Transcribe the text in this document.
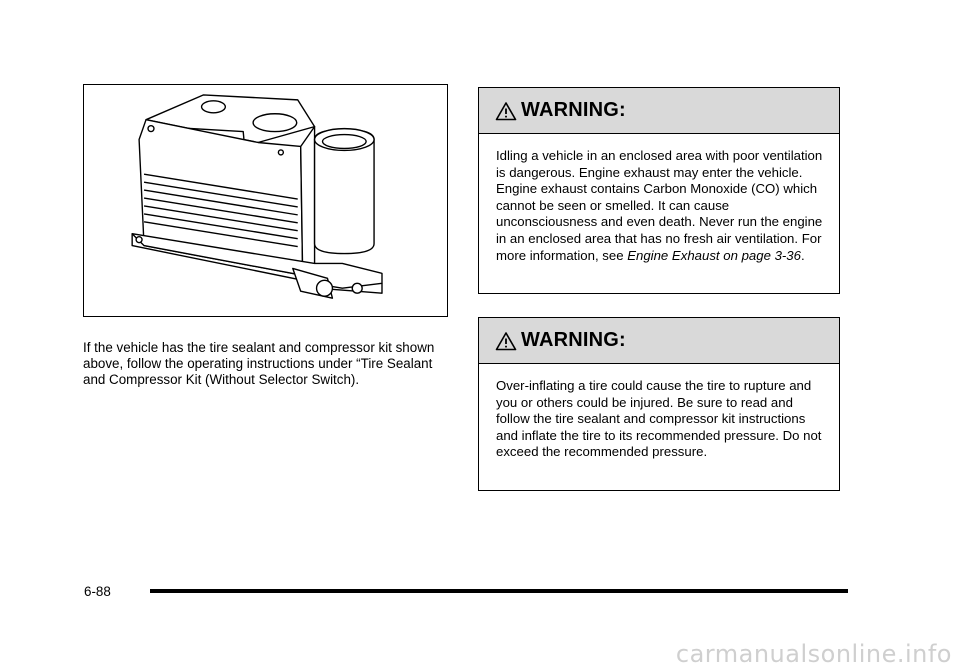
If the vehicle has the tire sealant and compressor kit shown above, follow the operating instructions under “Tire Sealant and Compressor Kit (Without Selector Switch).
WARNING:
Idling a vehicle in an enclosed area with poor ventilation is dangerous. Engine exhaust may enter the vehicle. Engine exhaust contains Carbon Monoxide (CO) which cannot be seen or smelled. It can cause unconsciousness and even death. Never run the engine in an enclosed area that has no fresh air ventilation. For more information, see Engine Exhaust on page 3-36.
WARNING:
Over-inflating a tire could cause the tire to rupture and you or others could be injured. Be sure to read and follow the tire sealant and compressor kit instructions and inflate the tire to its recommended pressure. Do not exceed the recommended pressure.
6-88
carmanualsonline.info
